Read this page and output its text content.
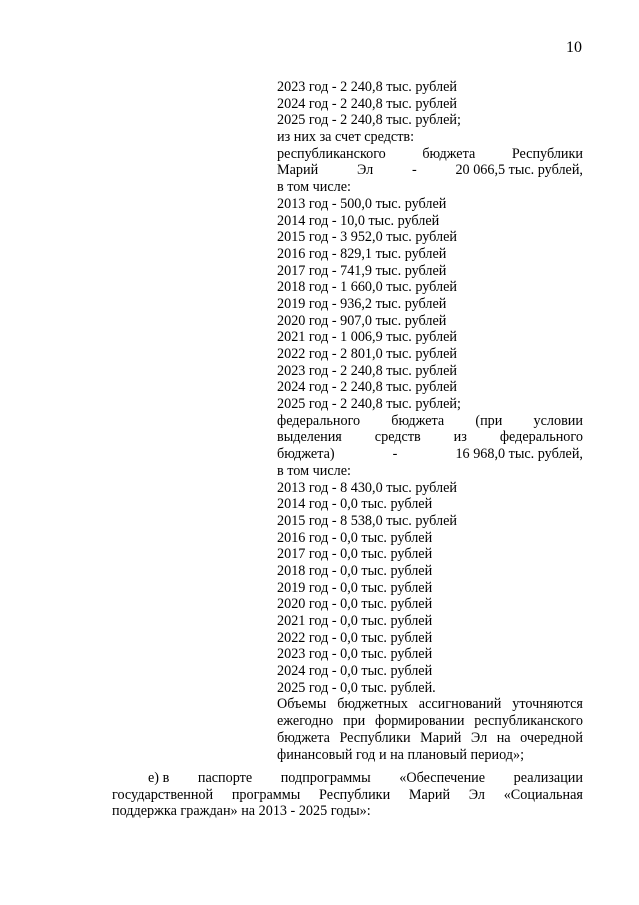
10
2023 год - 2 240,8 тыс. рублей
2024 год - 2 240,8 тыс. рублей
2025 год - 2 240,8 тыс. рублей;
из них за счет средств:
республиканского	бюджета	Республики
Марий	Эл	-	20 066,5 тыс. рублей,
в том числе:
2013 год - 500,0 тыс. рублей
2014 год - 10,0 тыс. рублей
2015 год - 3 952,0 тыс. рублей
2016 год - 829,1 тыс. рублей
2017 год - 741,9 тыс. рублей
2018 год - 1 660,0 тыс. рублей
2019 год - 936,2 тыс. рублей
2020 год - 907,0 тыс. рублей
2021 год - 1 006,9 тыс. рублей
2022 год - 2 801,0 тыс. рублей
2023 год - 2 240,8 тыс. рублей
2024 год - 2 240,8 тыс. рублей
2025 год - 2 240,8 тыс. рублей;
федерального бюджета (при условии
выделения средств из федерального
бюджета)	-	16 968,0 тыс. рублей,
в том числе:
2013 год - 8 430,0 тыс. рублей
2014 год - 0,0 тыс. рублей
2015 год - 8 538,0 тыс. рублей
2016 год - 0,0 тыс. рублей
2017 год - 0,0 тыс. рублей
2018 год - 0,0 тыс. рублей
2019 год - 0,0 тыс. рублей
2020 год - 0,0 тыс. рублей
2021 год - 0,0 тыс. рублей
2022 год - 0,0 тыс. рублей
2023 год - 0,0 тыс. рублей
2024 год - 0,0 тыс. рублей
2025 год - 0,0 тыс. рублей.
Объемы бюджетных ассигнований уточняются
ежегодно при формировании республиканского
бюджета Республики Марий Эл на очередной
финансовый год и на плановый период»;
е) в паспорте подпрограммы «Обеспечение реализации
государственной программы Республики Марий Эл «Социальная
поддержка граждан» на 2013 - 2025 годы»:
